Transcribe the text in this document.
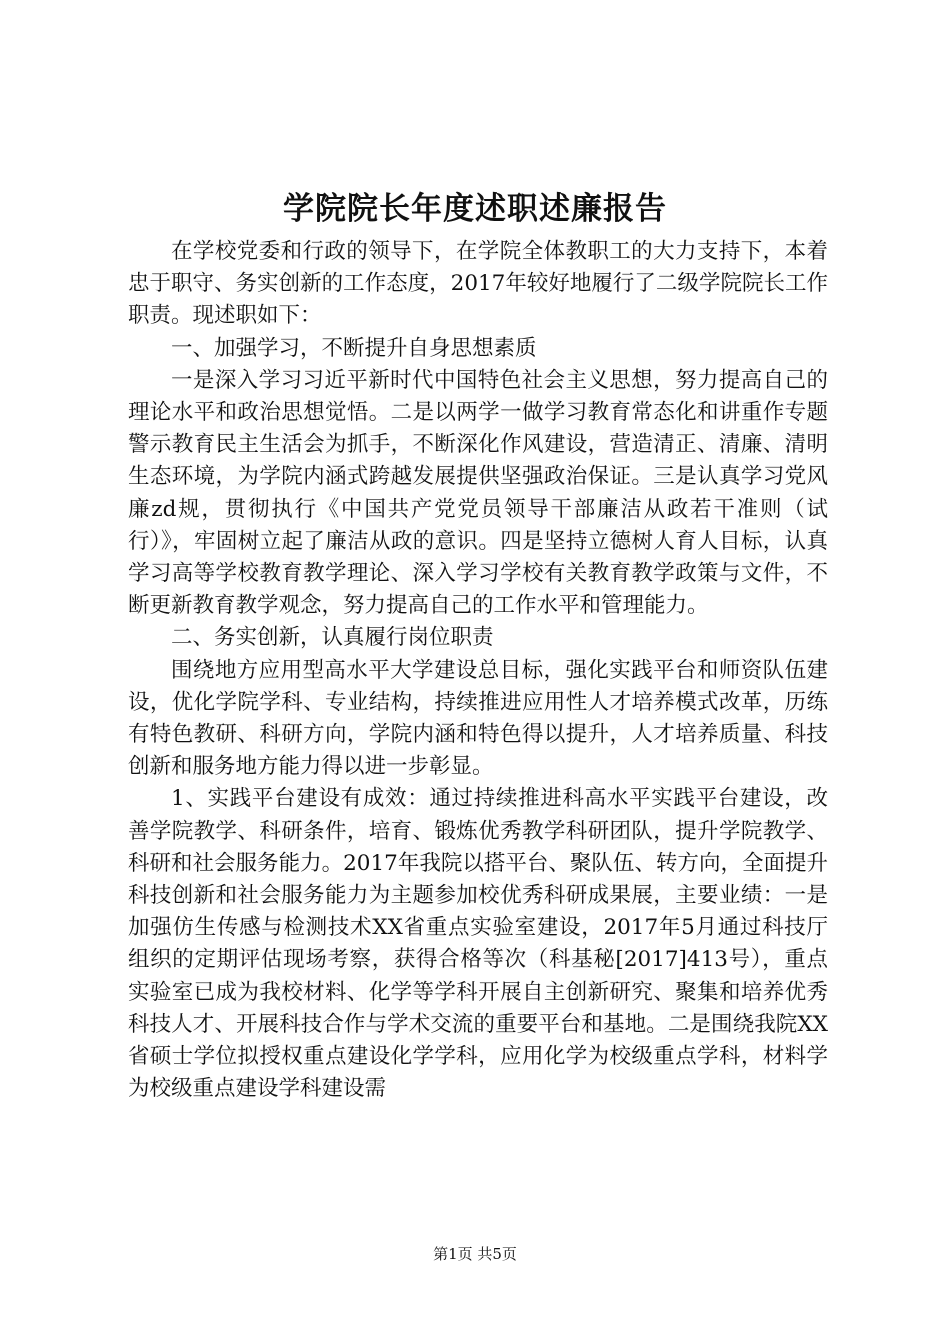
学院院长年度述职述廉报告

在学校党委和行政的领导下，在学院全体教职工的大力支持下，本着忠于职守、务实创新的工作态度，2017年较好地履行了二级学院院长工作职责。现述职如下：

一、加强学习，不断提升自身思想素质

一是深入学习习近平新时代中国特色社会主义思想，努力提高自己的理论水平和政治思想觉悟。二是以两学一做学习教育常态化和讲重作专题警示教育民主生活会为抓手，不断深化作风建设，营造清正、清廉、清明生态环境，为学院内涵式跨越发展提供坚强政治保证。三是认真学习党风廉zd规，贯彻执行《中国共产党党员领导干部廉洁从政若干准则（试行）》，牢固树立起了廉洁从政的意识。四是坚持立德树人育人目标，认真学习高等学校教育教学理论、深入学习学校有关教育教学政策与文件，不断更新教育教学观念，努力提高自己的工作水平和管理能力。

二、务实创新，认真履行岗位职责

围绕地方应用型高水平大学建设总目标，强化实践平台和师资队伍建设，优化学院学科、专业结构，持续推进应用性人才培养模式改革，历练有特色教研、科研方向，学院内涵和特色得以提升，人才培养质量、科技创新和服务地方能力得以进一步彰显。

1、实践平台建设有成效：通过持续推进科高水平实践平台建设，改善学院教学、科研条件，培育、锻炼优秀教学科研团队，提升学院教学、科研和社会服务能力。2017年我院以搭平台、聚队伍、转方向，全面提升科技创新和社会服务能力为主题参加校优秀科研成果展，主要业绩：一是加强仿生传感与检测技术XX省重点实验室建设，2017年5月通过科技厅组织的定期评估现场考察，获得合格等次（科基秘[2017]413号），重点实验室已成为我校材料、化学等学科开展自主创新研究、聚集和培养优秀科技人才、开展科技合作与学术交流的重要平台和基地。二是围绕我院XX省硕士学位拟授权重点建设化学学科，应用化学为校级重点学科，材料学为校级重点建设学科建设需

第1页 共5页
